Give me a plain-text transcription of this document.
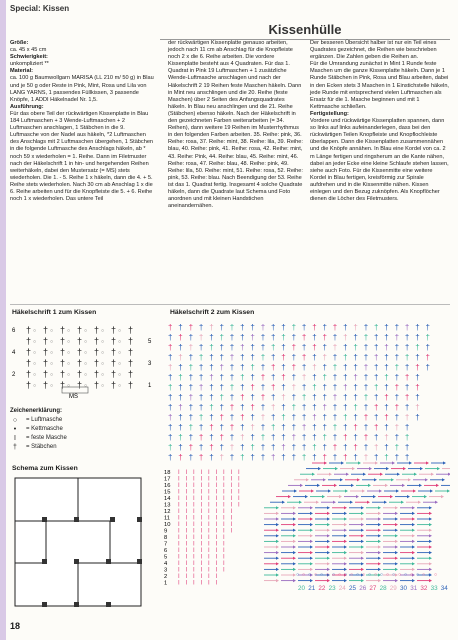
Special: Kissen
Kissenhülle
Größe:
ca. 45 x 45 cm
Schwierigkeit:
unkompliziert **
Material:
ca. 100 g Baumwollgarn MARISA (LL 210 m/ 50 g) in Blau und je 50 g oder Reste in Pink, Mint, Rosa und Lila von LANG YARNS, 1 passendes Füllkissen, 3 passende Knöpfe, 1 ADDI Häkelnadel Nr. 1,5.
Ausführung:
Für das obere Teil der rückwärtigen Kissenplatte in Blau 184 Luftmaschen + 3 Wende-Luftmaschen + 2 Luftmaschen anschlagen, 1 Stäbchen in die 9. Luftmasche von der Nadel aus häkeln, *2 Luftmaschen des Anschlags mit 2 Luftmaschen übergehen, 1 Stäbchen in die folgende Luftmasche des Anschlags häkeln, ab * noch 59 x wiederholen = 1. Reihe. Dann im Filetmuster nach der Häkelschrift 1 in hin- und hergehenden Reihen weiterhäkeln, dabei den Mustersatz (= MS) stets wiederholen. Die 1. - 5. Reihe 1 x häkeln, dann die 4. + 5. Reihe stets wiederholen. Nach 30 cm ab Anschlag 1 x die 6. Reihe arbeiten und für die Knopfleiste die 5. + 6. Reihe noch 1 x wiederholen. Das untere Teil
der rückwärtigen Kissenplatte genauso arbeiten, jedoch nach 11 cm ab Anschlag für die Knopfleiste noch 2 x die 6. Reihe arbeiten. Die vordere Kissenplatte besteht aus 4 Quadraten. Für das 1. Quadrat in Pink 19 Luftmaschen + 1 zusätzliche Wende-Luftmasche anschlagen und nach der Häkelschrift 2 19 Reihen feste Maschen häkeln. Dann in Mint neu anschlingen und die 20. Reihe (feste Maschen) über 2 Seiten des Anfangsquadrates häkeln. In Blau neu anschlingen und die 21. Reihe (Stäbchen) ebenso häkeln. Nach der Häkelschrift in den gezeichneten Farben weiterarbeiten (= 34. Reihen), dann weitere 19 Reihen im Musterrhythmus in den folgenden Farben arbeiten. 35. Reihe: pink, 36. Reihe: rosa, 37. Reihe: mint, 38. Reihe: lila, 39. Reihe: blau, 40. Reihe: pink, 41. Reihe: rosa, 42. Reihe: mint, 43. Reihe: Pink, 44. Reihe: blau, 45. Reihe: mint, 46. Reihe: rosa, 47. Reihe: blau, 48. Reihe: pink, 49. Reihe: lila, 50. Reihe: mint, 51. Reihe: rosa, 52. Reihe: pink, 53. Reihe: blau. Nach Beendigung der 53. Reihe ist das 1. Quadrat fertig. Insgesamt 4 solche Quadrate häkeln, dann die Quadrate laut Schema und Foto anordnen und mit kleinen Handstichen aneinandernähen.
Der besseren Übersicht halber ist nur ein Teil eines Quadrates gezeichnet, die Reihen wie beschrieben ergänzen. Die Zahlen geben die Reihen an.
Für die Umrandung zunächst in Mint 1 Runde feste Maschen um die ganze Kissenplatte häkeln. Dann je 1 Runde Stäbchen in Pink, Rosa und Blau arbeiten, dabei in den Ecken stets 3 Maschen in 1 Einstichstelle häkeln, jede Runde mit entsprechend vielen Luftmaschen als Ersatz für die 1. Masche beginnen und mit 1 Kettmasche schließen.
Fertigstellung:
Vordere und rückwärtige Kissenplatten spannen, dann so links auf links aufeinanderlegen, dass bei den rückwärtigen Teilen Knopfleiste und Knopflochleiste überlappen. Dann die Kissenplatten zusammennähen und die Knöpfe annähen. In Blau eine Kordel von ca. 2 m Länge fertigen und ringsherum an die Kante nähen, dabei an jeder Ecke eine kleine Schlaufe stehen lassen, siehe auch Foto. Für die Kissenmitte eine weitere Kordel in Blau fertigen, kreisförmig zur Spirale aufdrehen und in die Kissenmitte nähen. Kissen einlegen und den Bezug zuknöpfen. Als Knopflöcher dienen die Löcher des Filetmusters.
Häkelschrift 1 zum Kissen
6 † ○ † ○ † ○ † ○ † ○ † ○ †
5
† ○ † ○ † ○ † ○ † ○ † ○ †
4 † ○ † ○ † ○ † ○ † ○ † ○ †
3
† ○ † ○ † ○ † ○ † ○ † ○ †
2 † ○ † ○ † ○ † ○ † ○ † ○ †
1
† ○ † ○ † ○ † ○ † ○ † ○ †
MS
Zeichenerklärung:
○	= Luftmasche
•	= Kettmasche
I	= feste Masche
†	= Stäbchen
Schema zum Kissen
Häkelschrift 2 zum Kissen
† † † † † † † † † † † † † † † † † † † † † † † † † †
† † † † † † † † † † † † † † † † † † † † † † † † † †
† † † † † † † † † † † † † † † † † † † † † † † † † †
† † † † † † † † † † † † † † † † † † † † † † † † † †
† † † † † † † † † † † † † † † † † † † † † † † † † †
† † † † † † † † † † † † † † † † † † † † † † † † †
† † † † † † † † † † † † † † † † † † † † † † † † †
† † † † † † † † † † † † † † † † † † † † † † † † †
† † † † † † † † † † † † † † † † † † † † † † † † †
† † † † † † † † † † † † † † † † † † † † † † † † †
† † † † † † † † † † † † † † † † † † † † † † † †
† † † † † † † † † † † † † † † † † † † † † † † †
† † † † † † † † † † † † † † † † † † † † † † † †
† † † † † † † † † † † † † † † † † † † † † † † †
18
17
I
I
I
I
I
I
I
I
I
I
I
I
I
I
I
I
I
I
16
15
I
I
I
I
I
I
I
I
I
I
I
I
I
I
I
I
I
I
14
13
I
I
I
I
I
I
I
I
I
I
I
I
I
I
I
I
I
I
12
11
I
I
I
I
I
I
I
I
I
I
I
I
I
I
I
I
10
9
I
I
I
I
I
I
I
I
I
I
I
I
I
I
I
I
8
7
I
I
I
I
I
I
I
I
I
I
I
I
I
I
6
5
I
I
I
I
I
I
I
I
I
I
I
I
I
I
4
3
I
I
I
I
I
I
I
I
I
I
I
I
I
I
2
1
I
I
I
I
I
I
I
I
I
I
I
I
○ ○ ○ ○ ○ ○ ○ ○ ○ ○ ○ ○ ○ ○ ○ ○ ○ ○ ○ ○ ○ ○ ○ ○
20 21 22 23 24 25 26 27 28 29 30 31 32 33 34
18
